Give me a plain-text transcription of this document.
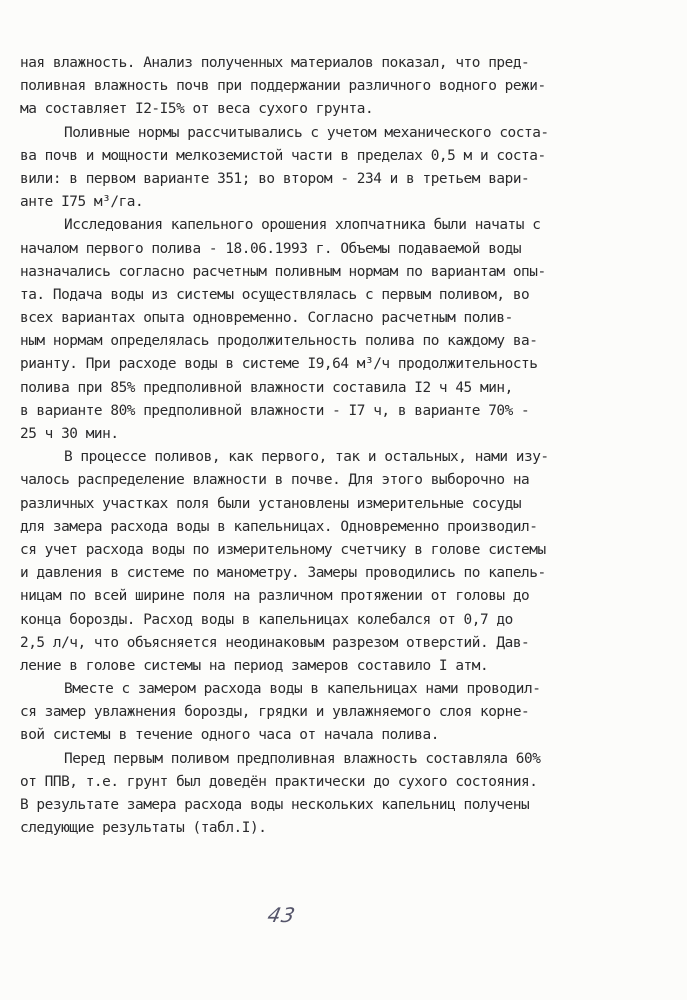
ная влажность. Анализ полученных материалов показал, что пред-
поливная влажность почв при поддержании различного водного режи-
ма составляет I2-I5% от веса сухого грунта.
Поливные нормы рассчитывались с учетом механического соста-
ва почв и мощности мелкоземистой части в пределах 0,5 м и соста-
вили: в первом варианте 351; во втором - 234 и в третьем вари-
анте I75 м³/га.
Исследования капельного орошения хлопчатника были начаты с
началом первого полива - 18.06.1993 г. Объемы подаваемой воды
назначались согласно расчетным поливным нормам по вариантам опы-
та. Подача воды из системы осуществлялась с первым поливом, во
всех вариантах опыта одновременно. Согласно расчетным полив-
ным нормам определялась продолжительность полива по каждому ва-
рианту. При расходе воды в системе I9,64 м³/ч продолжительность
полива при 85% предполивной влажности составила I2 ч 45 мин,
в варианте 80% предполивной влажности - I7 ч, в варианте 70% -
25 ч 30 мин.
В процессе поливов, как первого, так и остальных, нами изу-
чалось распределение влажности в почве. Для этого выборочно на
различных участках поля были установлены измерительные сосуды
для замера расхода воды в капельницах. Одновременно производил-
ся учет расхода воды по измерительному счетчику в голове системы
и давления в системе по манометру. Замеры проводились по капель-
ницам по всей ширине поля на различном протяжении от головы до
конца борозды. Расход воды в капельницах колебался от 0,7 до
2,5 л/ч, что объясняется неодинаковым разрезом отверстий. Дав-
ление в голове системы на период замеров составило I атм.
Вместе с замером расхода воды в капельницах нами проводил-
ся замер увлажнения борозды, грядки и увлажняемого слоя корне-
вой системы в течение одного часа от начала полива.
Перед первым поливом предполивная влажность составляла 60%
от ППВ, т.е. грунт был доведён практически до сухого состояния.
В результате замера расхода воды нескольких капельниц получены
следующие результаты (табл.I).
43
